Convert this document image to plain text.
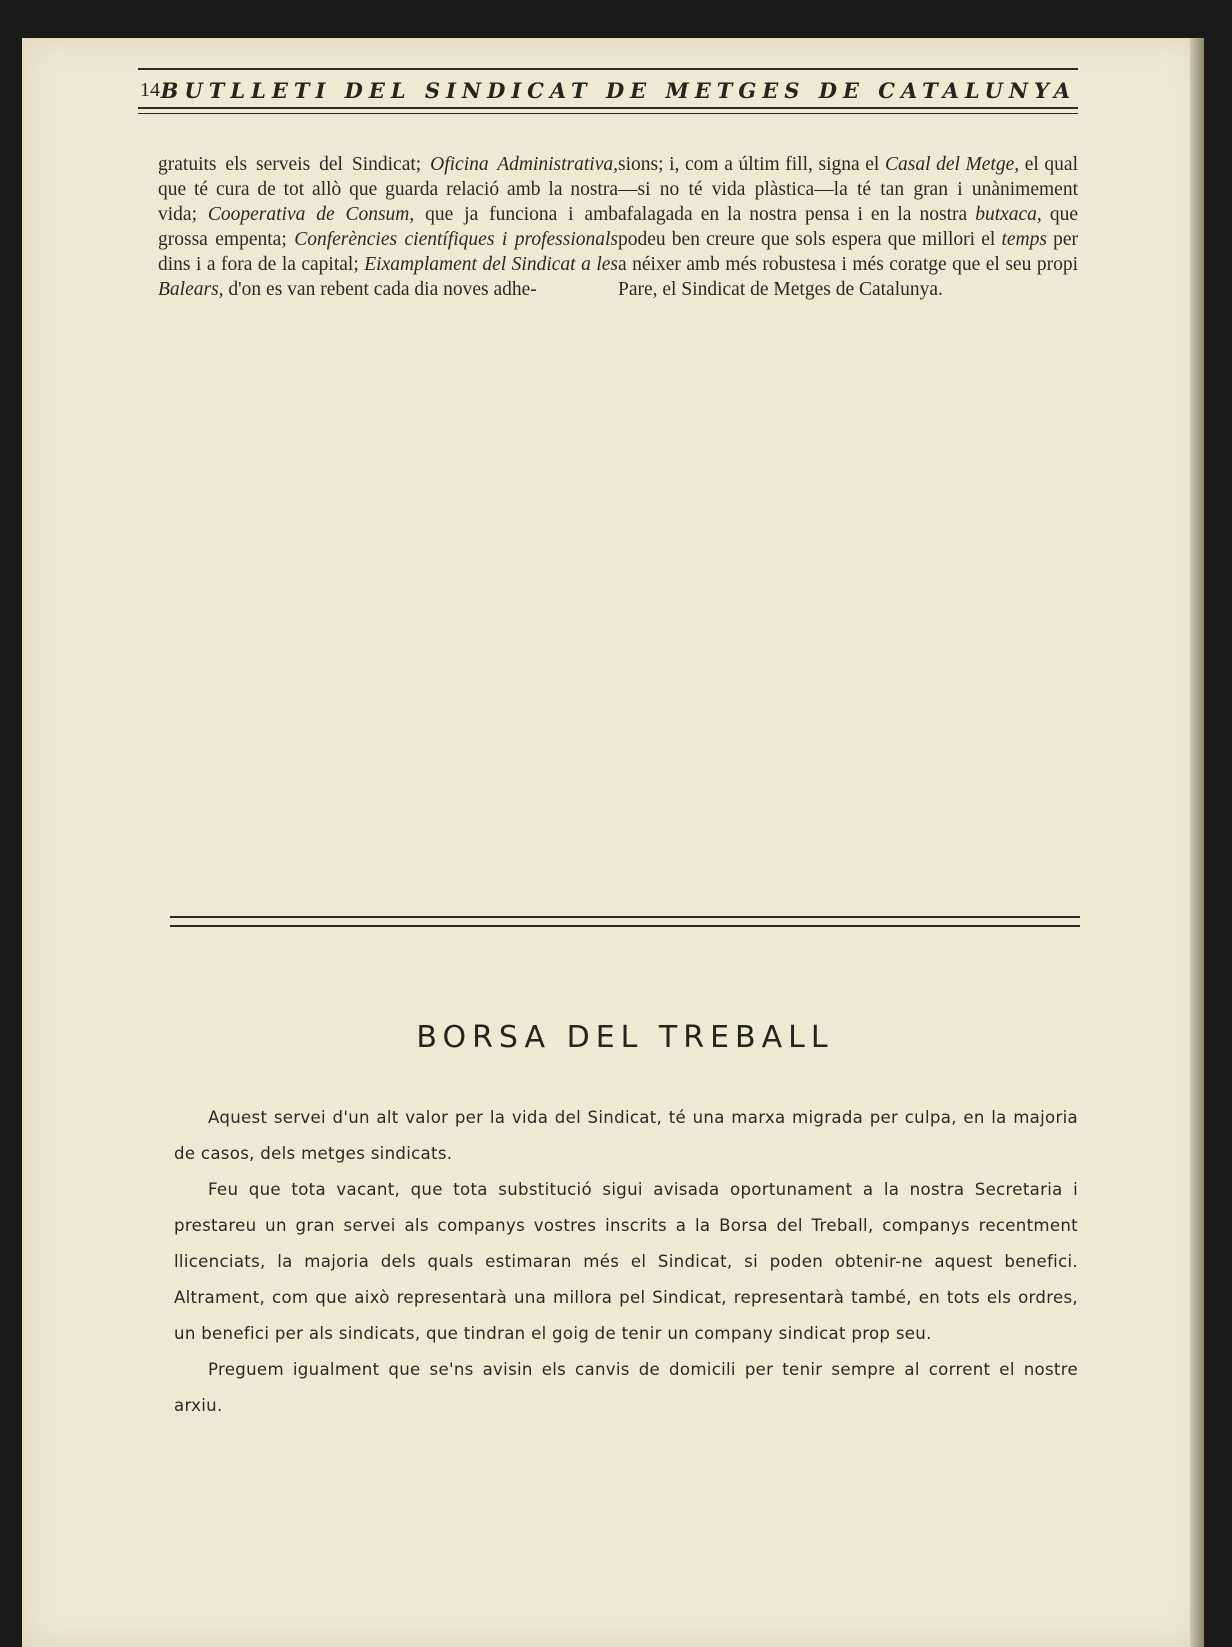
14 BUTLLETI DEL SINDICAT DE METGES DE CATALUNYA
gratuits els serveis del Sindicat; Oficina Administrativa, que té cura de tot allò que guarda relació amb la nostra vida; Cooperativa de Consum, que ja funciona i amb grossa empenta; Conferències científiques i professionals dins i a fora de la capital; Eixamplament del Sindicat a les Balears, d'on es van rebent cada dia noves adhe-
sions; i, com a últim fill, signa el Casal del Metge, el qual—si no té vida plàstica—la té tan gran i unànimement afalagada en la nostra pensa i en la nostra butxaca, que podeu ben creure que sols espera que millori el temps per a néixer amb més robustesa i més coratge que el seu propi Pare, el Sindicat de Metges de Catalunya.
BORSA DEL TREBALL

Aquest servei d'un alt valor per la vida del Sindicat, té una marxa migrada per culpa, en la majoria de casos, dels metges sindicats.

Feu que tota vacant, que tota substitució sigui avisada oportunament a la nostra Secretaria i prestareu un gran servei als companys vostres inscrits a la Borsa del Treball, companys recentment llicenciats, la majoria dels quals estimaran més el Sindicat, si poden obtenir-ne aquest benefici. Altrament, com que això representarà una millora pel Sindicat, representarà també, en tots els ordres, un benefici per als sindicats, que tindran el goig de tenir un company sindicat prop seu.

Preguem igualment que se'ns avisin els canvis de domicili per tenir sempre al corrent el nostre arxiu.
